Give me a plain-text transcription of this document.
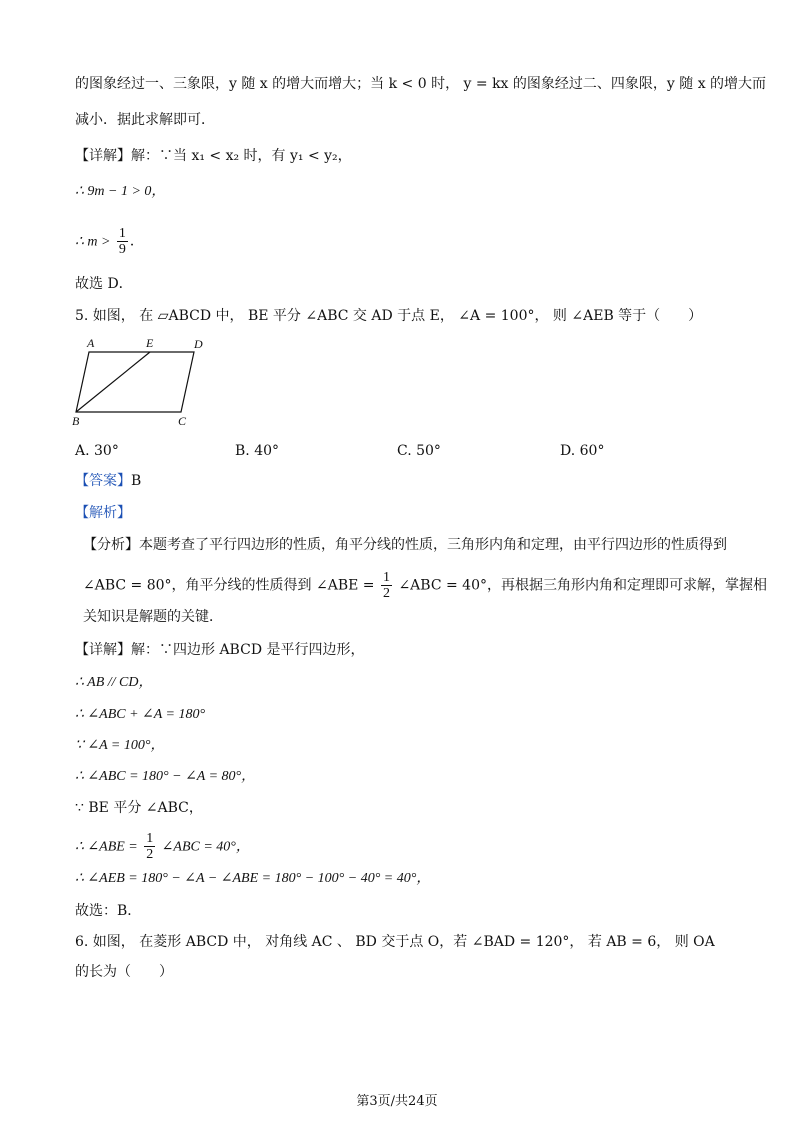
的图象经过一、三象限，y 随 x 的增大而增大；当 k < 0 时， y = kx 的图象经过二、四象限，y 随 x 的增大而
减小．据此求解即可．
【详解】解：∵当 x₁ < x₂ 时，有 y₁ < y₂，
∴ 9m − 1 > 0，
∴ $m > \frac{1}{9}$ ．
故选 D．
5. 如图， 在 ▱ABCD 中， BE 平分 ∠ABC 交 AD 于点 E， ∠A = 100°， 则 ∠AEB 等于（　　）
A	E	D
B	C
A. 30°	B. 40°	C. 50°	D. 60°
【答案】B
【解析】
【分析】本题考查了平行四边形的性质，角平分线的性质，三角形内角和定理，由平行四边形的性质得到
∠ABC = 80°，角平分线的性质得到 ∠ABE = $\frac{1}{2}$ ∠ABC = 40°，再根据三角形内角和定理即可求解，掌握相
关知识是解题的关键．
【详解】解：∵四边形 ABCD 是平行四边形，
∴ AB // CD，
∴ ∠ABC + ∠A = 180°
∵ ∠A = 100°，
∴ ∠ABC = 180° − ∠A = 80°，
∵ BE 平分 ∠ABC，
∴ ∠ABE = $\frac{1}{2}$ ∠ABC = 40°，
∴ ∠AEB = 180° − ∠A − ∠ABE = 180° − 100° − 40° = 40°，
故选：B．
6. 如图， 在菱形 ABCD 中， 对角线 AC 、 BD 交于点 O，若 ∠BAD = 120°， 若 AB = 6， 则 OA
的长为（　　）
第3页/共24页
